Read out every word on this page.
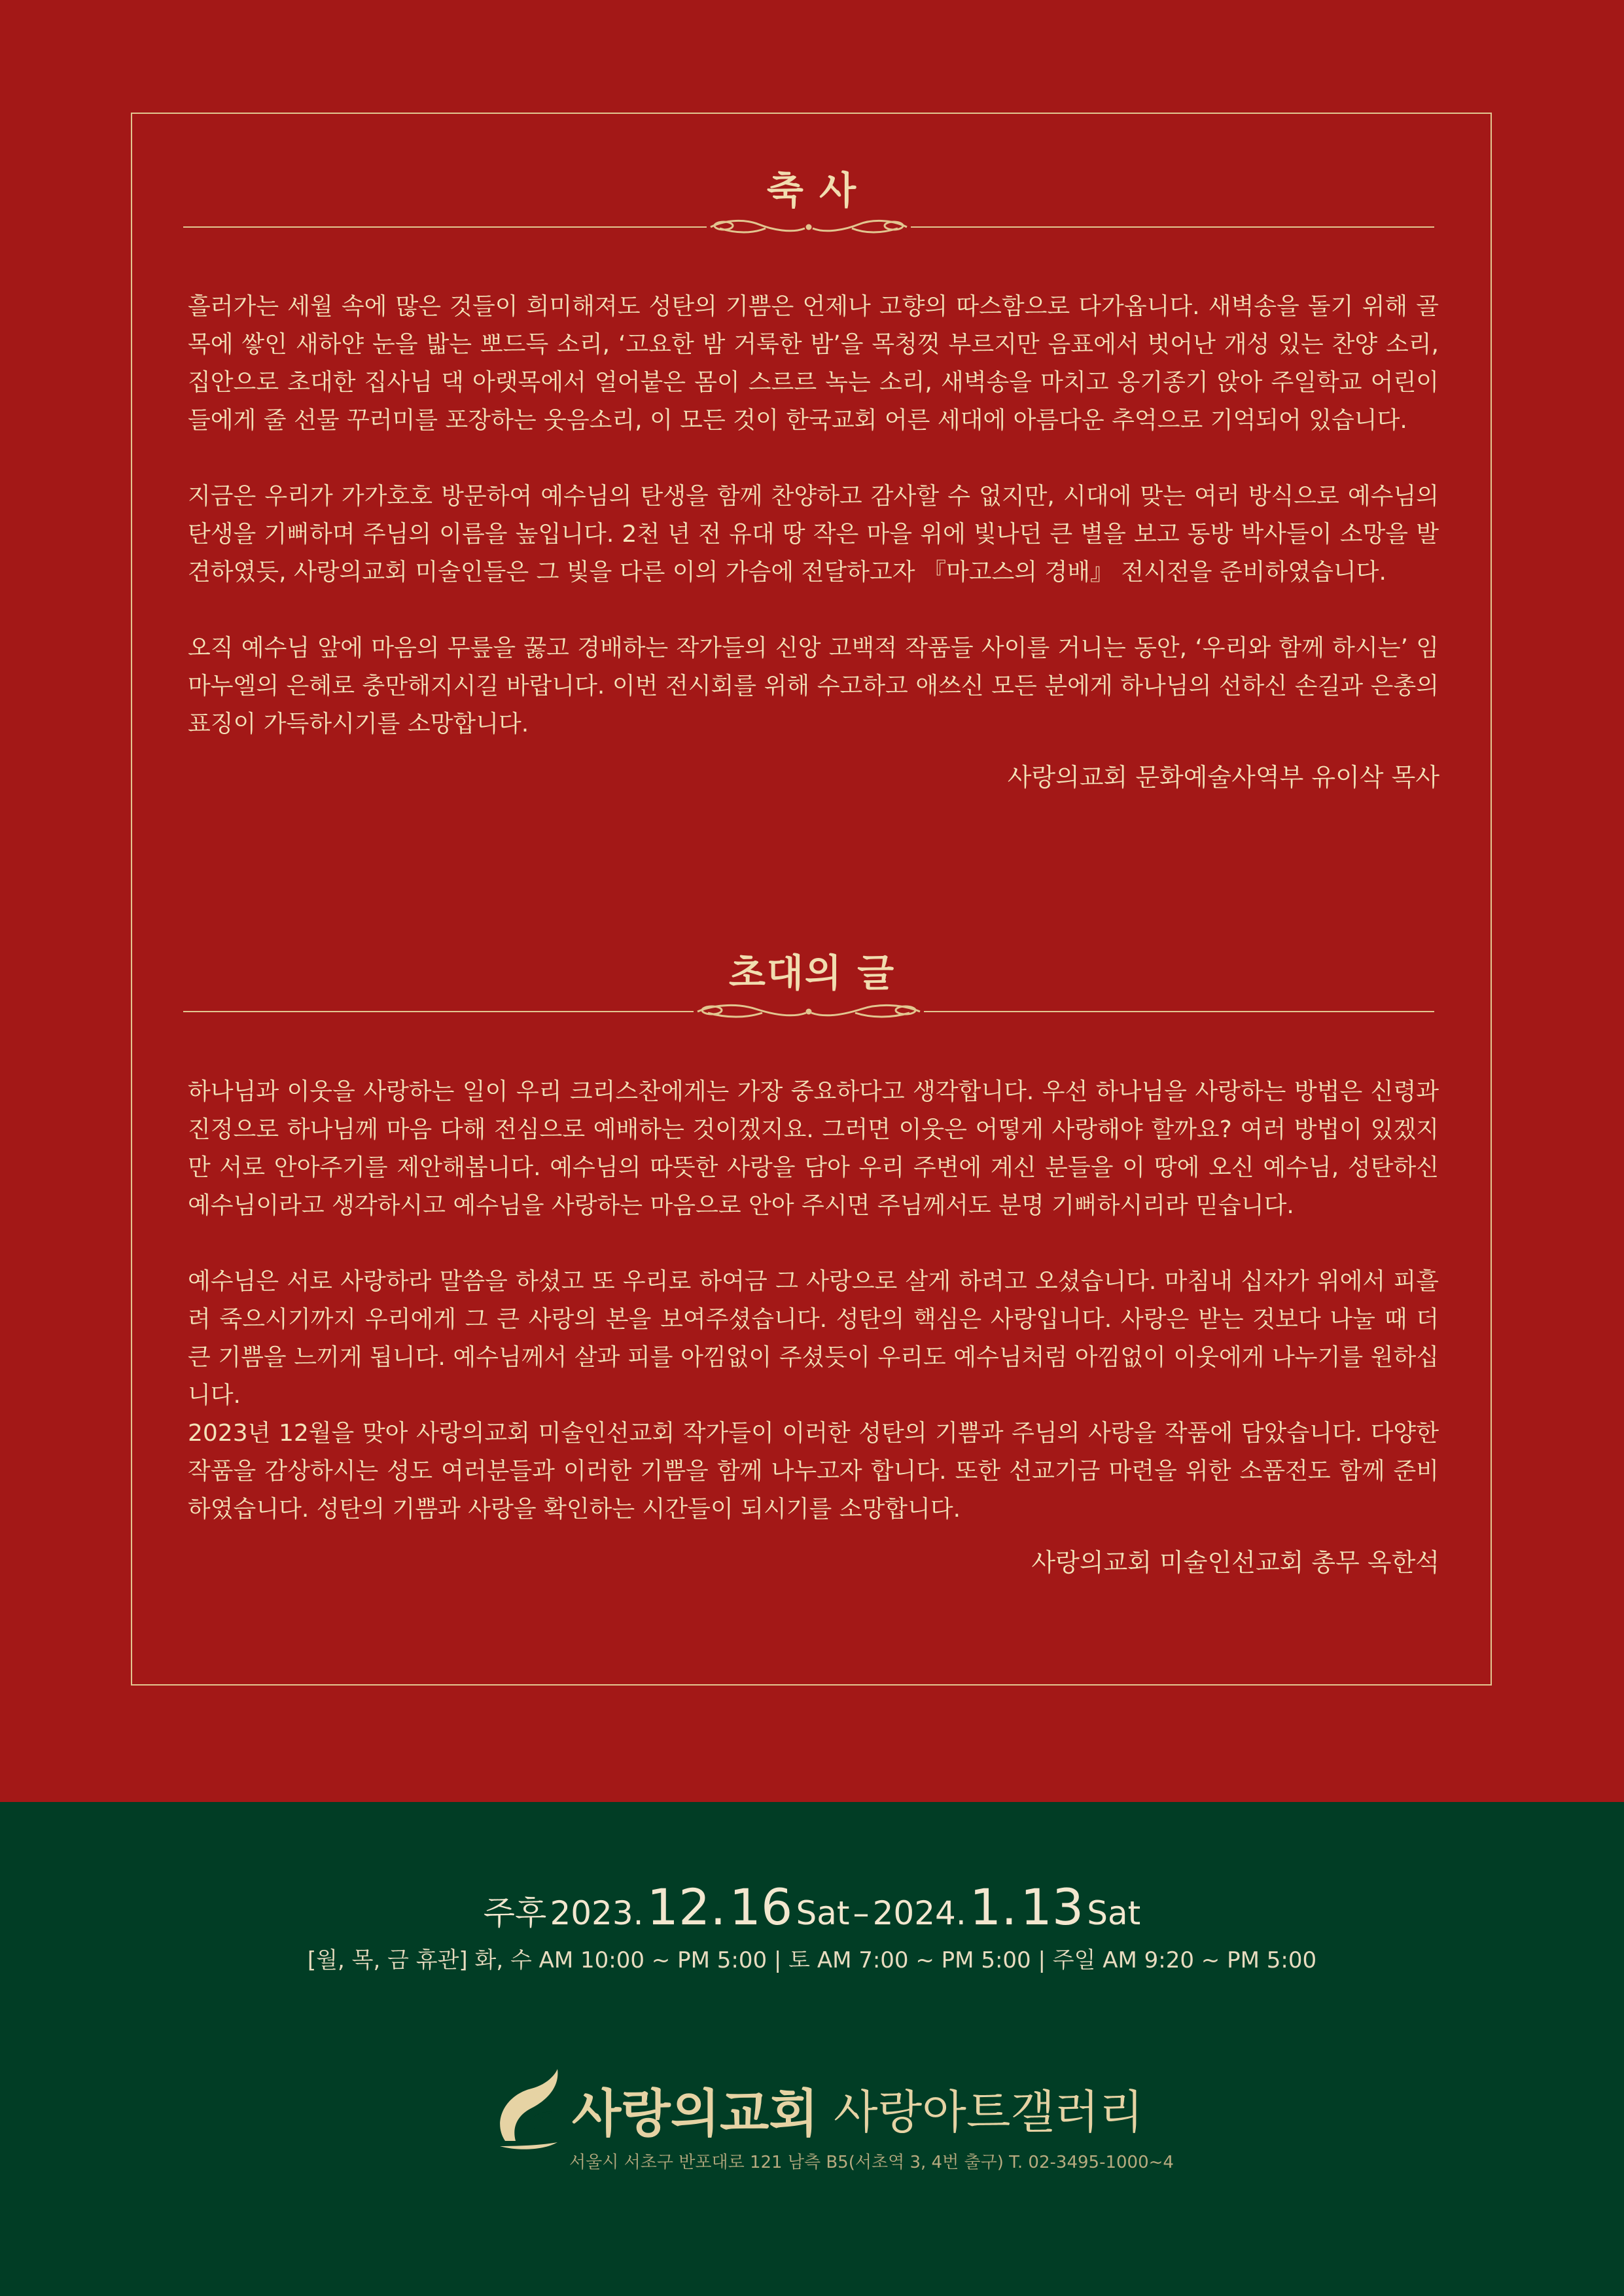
축 사

흘러가는 세월 속에 많은 것들이 희미해져도 성탄의 기쁨은 언제나 고향의 따스함으로 다가옵니다. 새벽송을 돌기 위해 골목에 쌓인 새하얀 눈을 밟는 뽀드득 소리, ‘고요한 밤 거룩한 밤’을 목청껏 부르지만 음표에서 벗어난 개성 있는 찬양 소리, 집안으로 초대한 집사님 댁 아랫목에서 얼어붙은 몸이 스르르 녹는 소리, 새벽송을 마치고 옹기종기 앉아 주일학교 어린이들에게 줄 선물 꾸러미를 포장하는 웃음소리, 이 모든 것이 한국교회 어른 세대에 아름다운 추억으로 기억되어 있습니다.

지금은 우리가 가가호호 방문하여 예수님의 탄생을 함께 찬양하고 감사할 수 없지만, 시대에 맞는 여러 방식으로 예수님의 탄생을 기뻐하며 주님의 이름을 높입니다. 2천 년 전 유대 땅 작은 마을 위에 빛나던 큰 별을 보고 동방 박사들이 소망을 발견하였듯, 사랑의교회 미술인들은 그 빛을 다른 이의 가슴에 전달하고자 『마고스의 경배』 전시전을 준비하였습니다.

오직 예수님 앞에 마음의 무릎을 꿇고 경배하는 작가들의 신앙 고백적 작품들 사이를 거니는 동안, ‘우리와 함께 하시는’ 임마누엘의 은혜로 충만해지시길 바랍니다. 이번 전시회를 위해 수고하고 애쓰신 모든 분에게 하나님의 선하신 손길과 은총의 표징이 가득하시기를 소망합니다.

사랑의교회 문화예술사역부 유이삭 목사
초대의 글

하나님과 이웃을 사랑하는 일이 우리 크리스찬에게는 가장 중요하다고 생각합니다. 우선 하나님을 사랑하는 방법은 신령과 진정으로 하나님께 마음 다해 전심으로 예배하는 것이겠지요. 그러면 이웃은 어떻게 사랑해야 할까요? 여러 방법이 있겠지만 서로 안아주기를 제안해봅니다. 예수님의 따뜻한 사랑을 담아 우리 주변에 계신 분들을 이 땅에 오신 예수님, 성탄하신 예수님이라고 생각하시고 예수님을 사랑하는 마음으로 안아 주시면 주님께서도 분명 기뻐하시리라 믿습니다.

예수님은 서로 사랑하라 말씀을 하셨고 또 우리로 하여금 그 사랑으로 살게 하려고 오셨습니다. 마침내 십자가 위에서 피흘려 죽으시기까지 우리에게 그 큰 사랑의 본을 보여주셨습니다. 성탄의 핵심은 사랑입니다. 사랑은 받는 것보다 나눌 때 더 큰 기쁨을 느끼게 됩니다. 예수님께서 살과 피를 아낌없이 주셨듯이 우리도 예수님처럼 아낌없이 이웃에게 나누기를 원하십니다.

2023년 12월을 맞아 사랑의교회 미술인선교회 작가들이 이러한 성탄의 기쁨과 주님의 사랑을 작품에 담았습니다. 다양한 작품을 감상하시는 성도 여러분들과 이러한 기쁨을 함께 나누고자 합니다. 또한 선교기금 마련을 위한 소품전도 함께 준비하였습니다. 성탄의 기쁨과 사랑을 확인하는 시간들이 되시기를 소망합니다.

사랑의교회 미술인선교회 총무 옥한석
주후 2023. 12. 16 Sat – 2024. 1. 13 Sat
[월, 목, 금 휴관] 화, 수 AM 10:00 ~ PM 5:00 | 토 AM 7:00 ~ PM 5:00 | 주일 AM 9:20 ~ PM 5:00
사랑의교회 사랑아트갤러리
서울시 서초구 반포대로 121 남측 B5(서초역 3, 4번 출구) T. 02-3495-1000~4
